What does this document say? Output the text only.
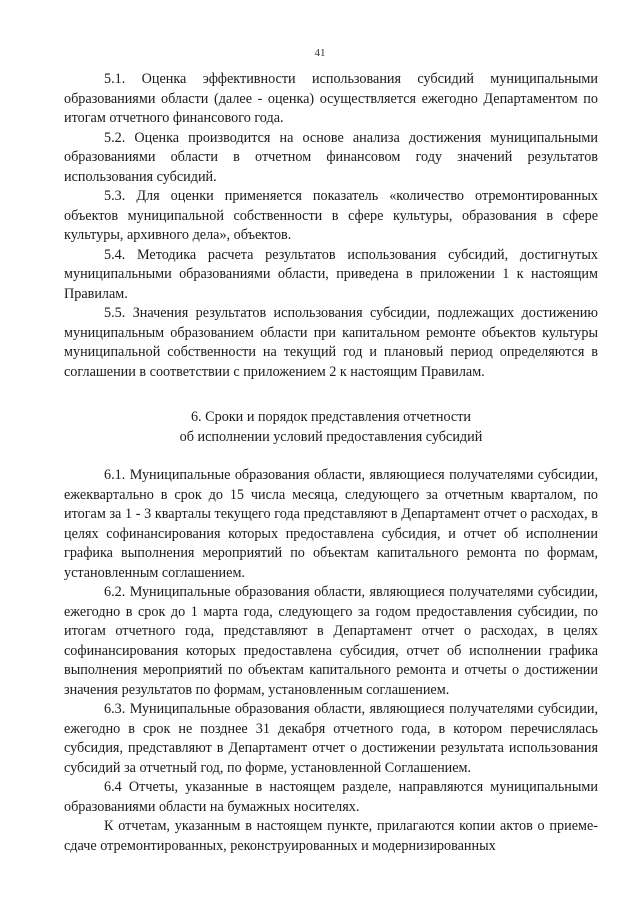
41

5.1. Оценка эффективности использования субсидий муниципальными образованиями области (далее - оценка) осуществляется ежегодно Департаментом по итогам отчетного финансового года.

5.2. Оценка производится на основе анализа достижения муниципальными образованиями области в отчетном финансовом году значений результатов использования субсидий.

5.3. Для оценки применяется показатель «количество отремонтированных объектов муниципальной собственности в сфере культуры, образования в сфере культуры, архивного дела», объектов.

5.4. Методика расчета результатов использования субсидий, достигнутых муниципальными образованиями области, приведена в приложении 1 к настоящим Правилам.

5.5. Значения результатов использования субсидии, подлежащих достижению муниципальным образованием области при капитальном ремонте объектов культуры муниципальной собственности на текущий год и плановый период определяются в соглашении в соответствии с приложением 2 к настоящим Правилам.

6. Сроки и порядок представления отчетности
об исполнении условий предоставления субсидий

6.1. Муниципальные образования области, являющиеся получателями субсидии, ежеквартально в срок до 15 числа месяца, следующего за отчетным кварталом, по итогам за 1 - 3 кварталы текущего года представляют в Департамент отчет о расходах, в целях софинансирования которых предоставлена субсидия, и отчет об исполнении графика выполнения мероприятий по объектам капитального ремонта по формам, установленным соглашением.

6.2. Муниципальные образования области, являющиеся получателями субсидии, ежегодно в срок до 1 марта года, следующего за годом предоставления субсидии, по итогам отчетного года, представляют в Департамент отчет о расходах, в целях софинансирования которых предоставлена субсидия, отчет об исполнении графика выполнения мероприятий по объектам капитального ремонта и отчеты о достижении значения результатов по формам, установленным соглашением.

6.3. Муниципальные образования области, являющиеся получателями субсидии, ежегодно в срок не позднее 31 декабря отчетного года, в котором перечислялась субсидия, представляют в Департамент отчет о достижении результата использования субсидий за отчетный год, по форме, установленной Соглашением.

6.4 Отчеты, указанные в настоящем разделе, направляются муниципальными образованиями области на бумажных носителях.

К отчетам, указанным в настоящем пункте, прилагаются копии актов о приеме-сдаче отремонтированных, реконструированных и модернизированных
